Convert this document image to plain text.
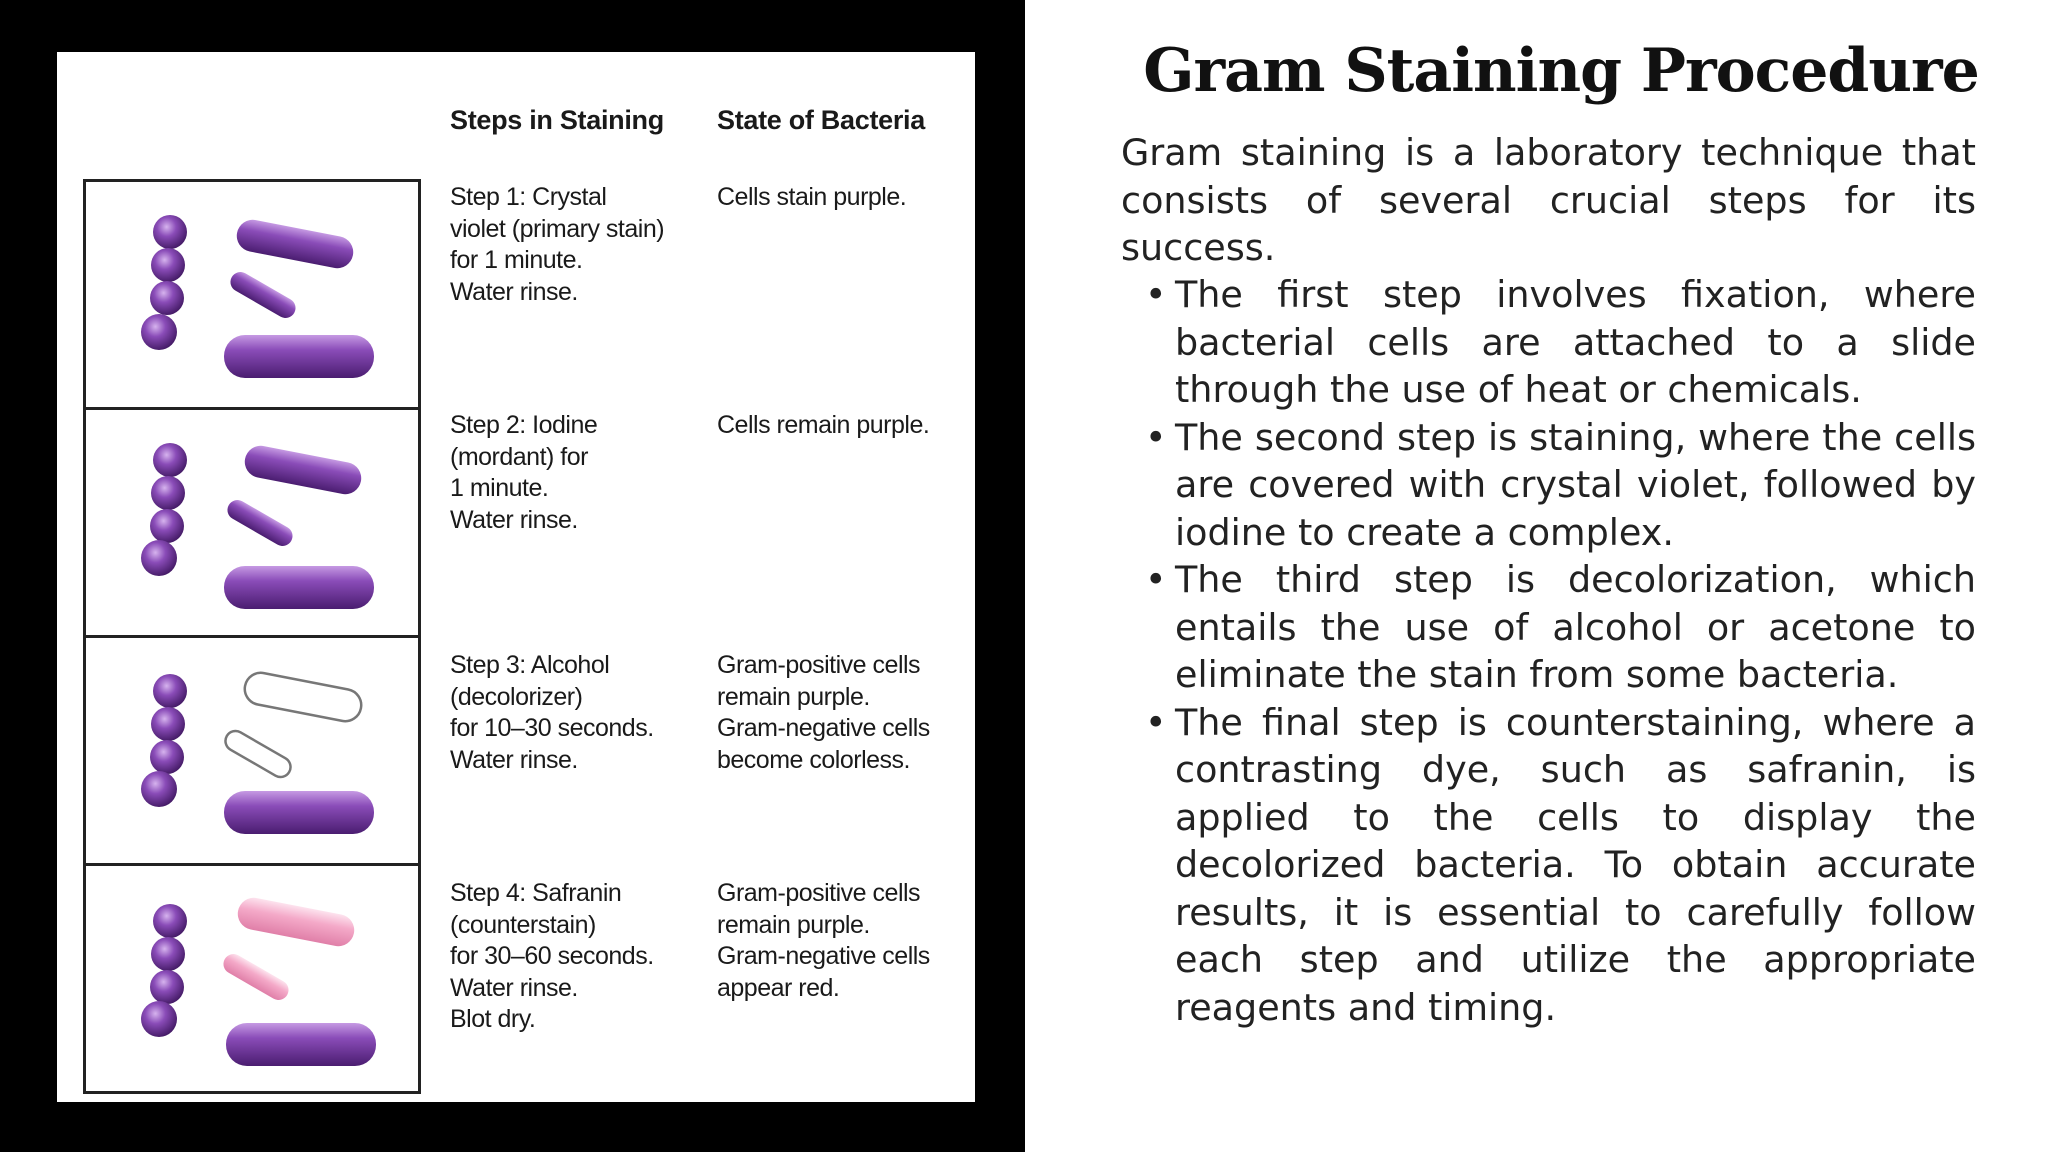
Steps in Staining State of Bacteria
Step 1: Crystal
violet (primary stain)
for 1 minute.
Water rinse.
Cells stain purple.
Step 2: Iodine
(mordant) for
1 minute.
Water rinse.
Cells remain purple.
Step 3: Alcohol
(decolorizer)
for 10–30 seconds.
Water rinse.
Gram-positive cells
remain purple.
Gram-negative cells
become colorless.
Step 4: Safranin
(counterstain)
for 30–60 seconds.
Water rinse.
Blot dry.
Gram-positive cells
remain purple.
Gram-negative cells
appear red.
Gram Staining Procedure
Gram staining is a laboratory technique that consists of several crucial steps for its success.
• The first step involves fixation, where bacterial cells are attached to a slide through the use of heat or chemicals.
• The second step is staining, where the cells are covered with crystal violet, followed by iodine to create a complex.
• The third step is decolorization, which entails the use of alcohol or acetone to eliminate the stain from some bacteria.
• The final step is counterstaining, where a contrasting dye, such as safranin, is applied to the cells to display the decolorized bacteria. To obtain accurate results, it is essential to carefully follow each step and utilize the appropriate reagents and timing.
